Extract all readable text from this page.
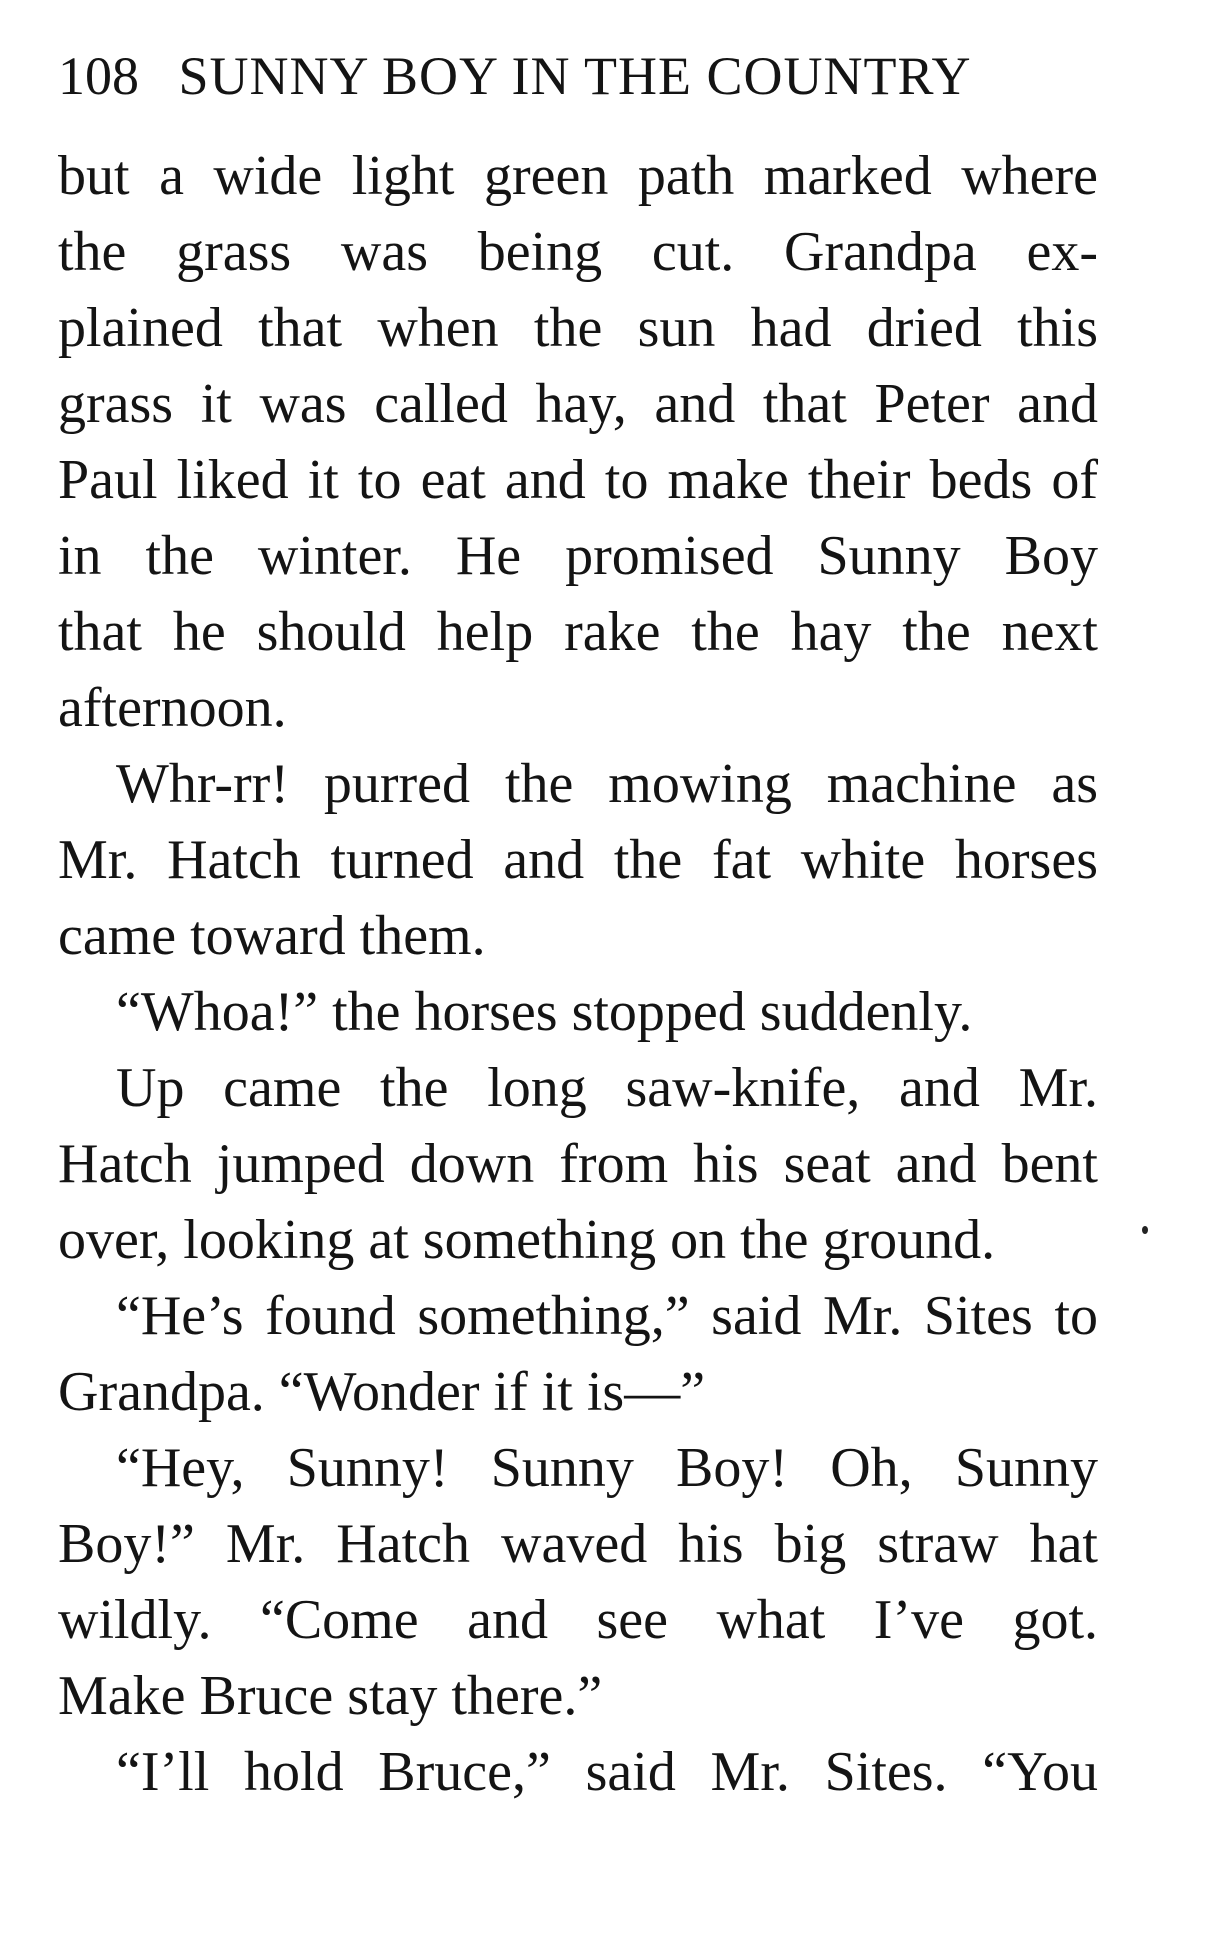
108 SUNNY BOY IN THE COUNTRY
but a wide light green path marked where
the grass was being cut. Grandpa ex-
plained that when the sun had dried this
grass it was called hay, and that Peter and
Paul liked it to eat and to make their beds of
in the winter. He promised Sunny Boy
that he should help rake the hay the next
afternoon.
Whr-rr! purred the mowing machine as
Mr. Hatch turned and the fat white horses
came toward them.
“Whoa!” the horses stopped suddenly.
Up came the long saw-knife, and Mr.
Hatch jumped down from his seat and bent
over, looking at something on the ground.
“He’s found something,” said Mr. Sites to
Grandpa. “Wonder if it is—”
“Hey, Sunny! Sunny Boy! Oh, Sunny
Boy!” Mr. Hatch waved his big straw hat
wildly. “Come and see what I’ve got.
Make Bruce stay there.”
“I’ll hold Bruce,” said Mr. Sites. “You
